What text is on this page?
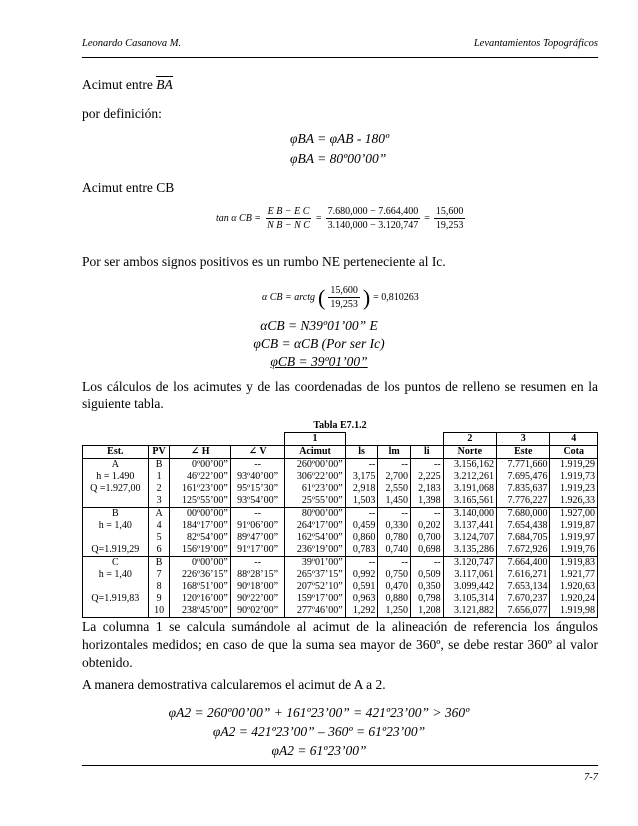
Leonardo Casanova M.	Levantamientos Topográficos
Acimut entre BA
por definición:
φBA = φAB - 180º
φBA = 80º00’00”
Acimut entre CB
tan α CB = $\frac{\text{E B − E C}}{\text{N B − N C}} = \frac{7.680,000 - 7.664,400}{3.140,000 - 3.120,747} = \frac{15,600}{19,253}$
Por ser ambos signos positivos es un rumbo NE perteneciente al Ic.
α CB = arctg ( $\frac{15,600}{19,253}$ ) = 0,810263
αCB = N39º01’00” E
φCB = αCB (Por ser Ic)
φCB = 39º01’00”
Los cálculos de los acimutes y de las coordenadas de los puntos de relleno se resumen en la siguiente tabla.
Tabla E7.1.2
				1				2	3	4
Est.	PV	∠ H	∠ V	Acimut	ls	lm	li	Norte	Este	Cota
A	B	0º00’00”	--	260º00’00”	--	--	--	3.156,162	7.771,660	1.919,29
h = 1.490	1	46º22’00”	93º40’00”	306º22’00”	3,175	2,700	2,225	3.212,261	7.695,476	1.919,73
Q =1.927,00	2	161º23’00”	95º15’30”	61º23’00”	2,918	2,550	2,183	3.191,068	7.835,637	1.919,23
	3	125º55’00”	93º54’00”	25º55’00”	1,503	1,450	1,398	3.165,561	7.776,227	1.926,33
B	A	00º00’00”	--	80º00’00”	--	--	--	3.140,000	7.680,000	1.927,00
h = 1,40	4	184º17’00”	91º06’00”	264º17’00”	0,459	0,330	0,202	3.137,441	7.654,438	1.919,87
	5	82º54’00”	89º47’00”	162º54’00”	0,860	0,780	0,700	3.124,707	7.684,705	1.919,97
Q=1.919,29	6	156º19’00”	91º17’00”	236º19’00”	0,783	0,740	0,698	3.135,286	7.672,926	1.919,76
C	B	0º00’00”	--	39º01’00”	--	--	--	3.120,747	7.664,400	1.919,83
h = 1,40	7	226º36’15”	88º28’15”	265º37’15”	0,992	0,750	0,509	3.117,061	7.616,271	1.921,77
	8	168º51’00”	90º18’00”	207º52’10”	0,591	0,470	0,350	3.099,442	7.653,134	1.920,63
Q=1.919,83	9	120º16’00”	90º22’00”	159º17’00”	0,963	0,880	0,798	3.105,314	7.670,237	1.920,24
	10	238º45’00”	90º02’00”	277º46’00”	1,292	1,250	1,208	3.121,882	7.656,077	1.919,98
La columna 1 se calcula sumándole al acimut de la alineación de referencia los ángulos horizontales medidos; en caso de que la suma sea mayor de 360º, se debe restar 360º al valor obtenido.
A manera demostrativa calcularemos el acimut de A a 2.
φA2 = 260º00’00” + 161º23’00” = 421º23’00” > 360º
φA2 = 421º23’00” – 360º = 61º23’00”
φA2 = 61º23’00”
7-7
